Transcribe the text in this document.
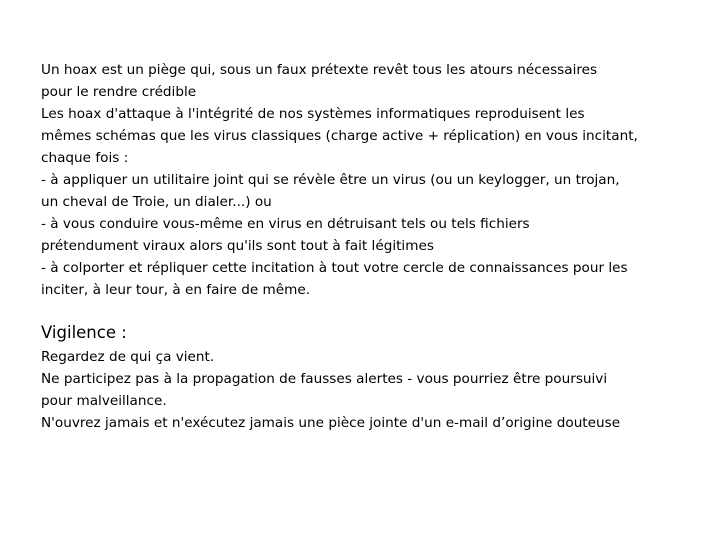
Un hoax est un piège qui, sous un faux prétexte revêt tous les atours nécessaires
pour le rendre crédible
Les hoax d'attaque à l'intégrité de nos systèmes informatiques reproduisent les
mêmes schémas que les virus classiques (charge active + réplication) en vous incitant,
chaque fois :
- à appliquer un utilitaire joint qui se révèle être un virus (ou un keylogger, un trojan,
un cheval de Troie, un dialer...) ou
- à vous conduire vous-même en virus en détruisant tels ou tels fichiers
prétendument viraux alors qu'ils sont tout à fait légitimes
- à colporter et répliquer cette incitation à tout votre cercle de connaissances pour les
inciter, à leur tour, à en faire de même.
Vigilence :
Regardez de qui ça vient.
Ne participez pas à la propagation de fausses alertes - vous pourriez être poursuivi
pour malveillance.
N'ouvrez jamais et n'exécutez jamais une pièce jointe d'un e-mail d’origine douteuse
